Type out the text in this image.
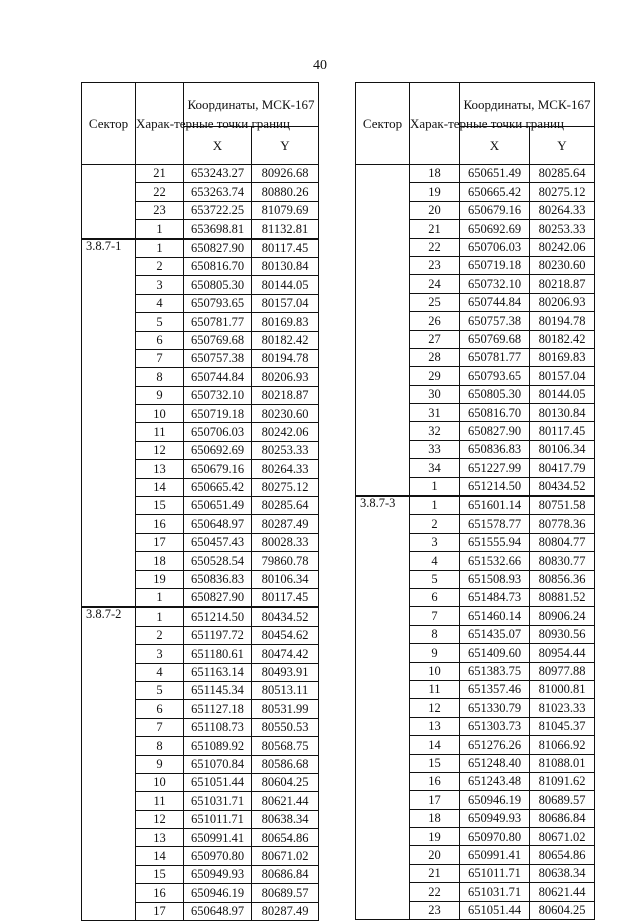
40
Сектор	Харак-терные точки границ	Координаты, МСК-167	
		X	Y
	21	653243.27	80926.68
	22	653263.74	80880.26
	23	653722.25	81079.69
	1	653698.81	81132.81
3.8.7-1	1	650827.90	80117.45
	2	650816.70	80130.84
	3	650805.30	80144.05
	4	650793.65	80157.04
	5	650781.77	80169.83
	6	650769.68	80182.42
	7	650757.38	80194.78
	8	650744.84	80206.93
	9	650732.10	80218.87
	10	650719.18	80230.60
	11	650706.03	80242.06
	12	650692.69	80253.33
	13	650679.16	80264.33
	14	650665.42	80275.12
	15	650651.49	80285.64
	16	650648.97	80287.49
	17	650457.43	80028.33
	18	650528.54	79860.78
	19	650836.83	80106.34
	1	650827.90	80117.45
3.8.7-2	1	651214.50	80434.52
	2	651197.72	80454.62
	3	651180.61	80474.42
	4	651163.14	80493.91
	5	651145.34	80513.11
	6	651127.18	80531.99
	7	651108.73	80550.53
	8	651089.92	80568.75
	9	651070.84	80586.68
	10	651051.44	80604.25
	11	651031.71	80621.44
	12	651011.71	80638.34
	13	650991.41	80654.86
	14	650970.80	80671.02
	15	650949.93	80686.84
	16	650946.19	80689.57
	17	650648.97	80287.49
Сектор	Харак-терные точки границ	Координаты, МСК-167	
		X	Y
	18	650651.49	80285.64
	19	650665.42	80275.12
	20	650679.16	80264.33
	21	650692.69	80253.33
	22	650706.03	80242.06
	23	650719.18	80230.60
	24	650732.10	80218.87
	25	650744.84	80206.93
	26	650757.38	80194.78
	27	650769.68	80182.42
	28	650781.77	80169.83
	29	650793.65	80157.04
	30	650805.30	80144.05
	31	650816.70	80130.84
	32	650827.90	80117.45
	33	650836.83	80106.34
	34	651227.99	80417.79
	1	651214.50	80434.52
3.8.7-3	1	651601.14	80751.58
	2	651578.77	80778.36
	3	651555.94	80804.77
	4	651532.66	80830.77
	5	651508.93	80856.36
	6	651484.73	80881.52
	7	651460.14	80906.24
	8	651435.07	80930.56
	9	651409.60	80954.44
	10	651383.75	80977.88
	11	651357.46	81000.81
	12	651330.79	81023.33
	13	651303.73	81045.37
	14	651276.26	81066.92
	15	651248.40	81088.01
	16	651243.48	81091.62
	17	650946.19	80689.57
	18	650949.93	80686.84
	19	650970.80	80671.02
	20	650991.41	80654.86
	21	651011.71	80638.34
	22	651031.71	80621.44
	23	651051.44	80604.25
